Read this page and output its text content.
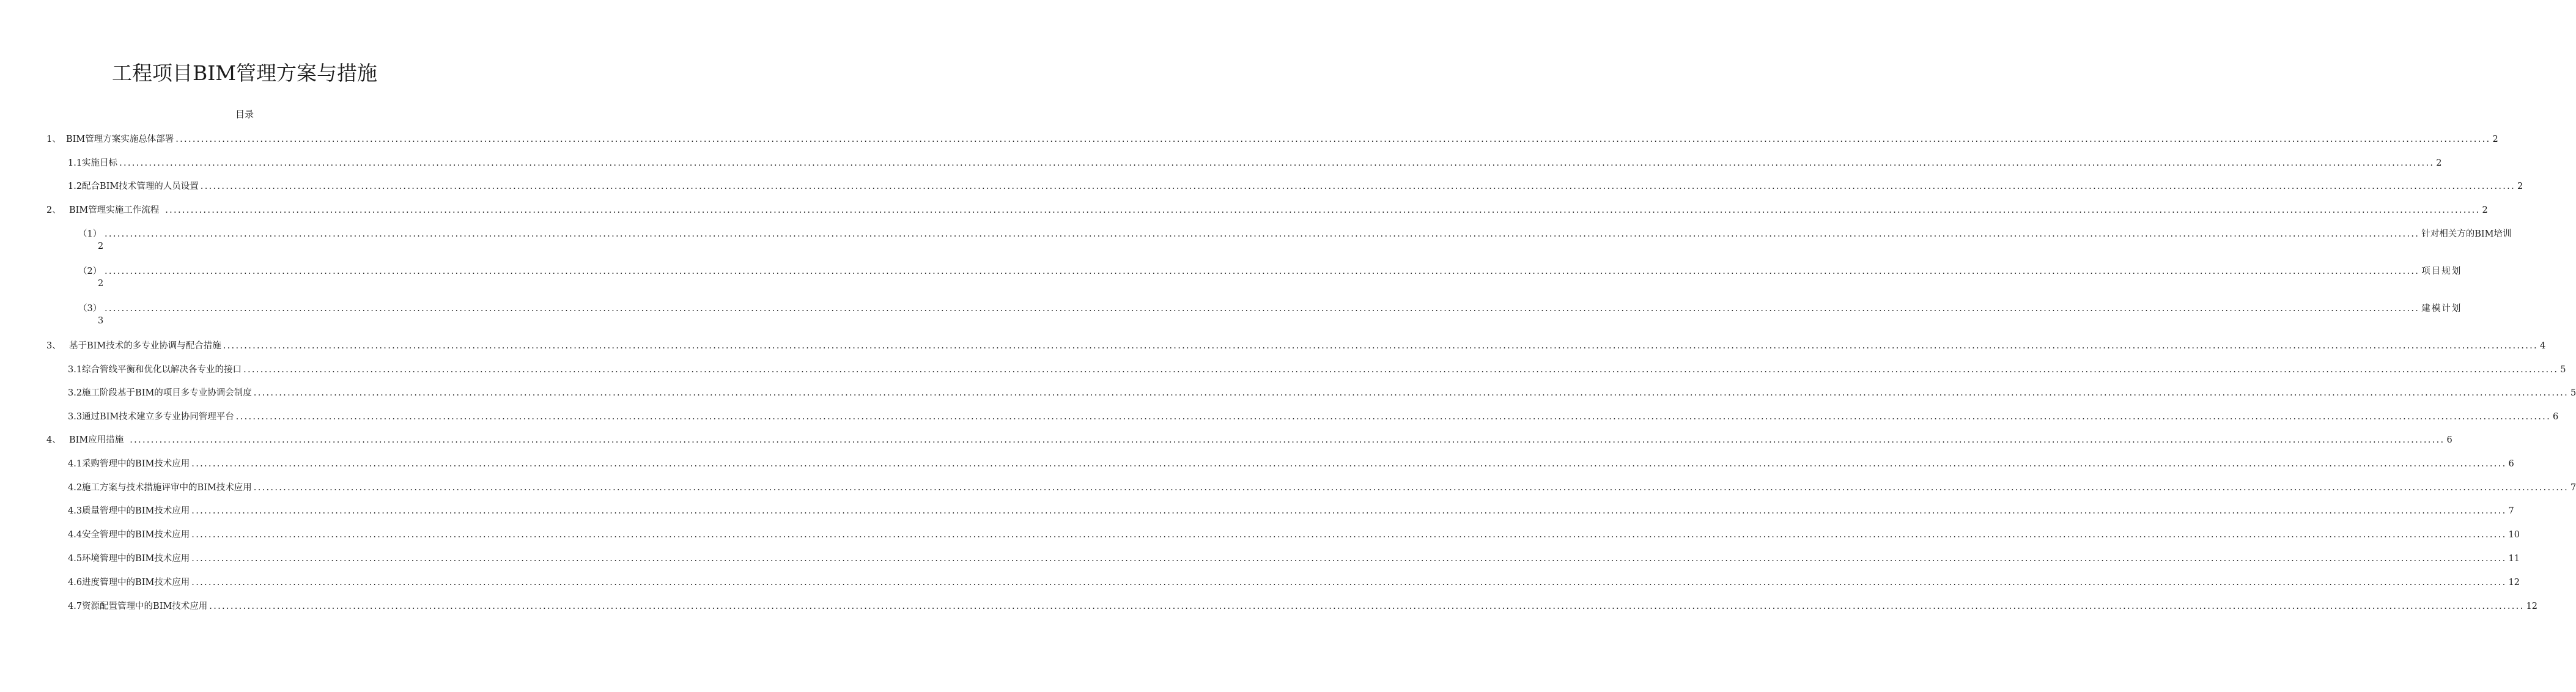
工程项目BIM管理方案与措施
目录
1、 BIM管理方案实施总体部署 .................................................................................................................................................................................................................................................................................................................................................................................................................................................................................................................................................................... 2
1.1实施目标 .................................................................................................................................................................................................................................................................................................................................................................................................................................................................................................................................................................... 2
1.2配合BIM技术管理的人员设置 .................................................................................................................................................................................................................................................................................................................................................................................................................................................................................................................................................................... 2
2、 BIM管理实施工作流程 .................................................................................................................................................................................................................................................................................................................................................................................................................................................................................................................................................................... 2
（1） .................................................................................................................................................................................................................................................................................................................................................................................................................................................................................................................................................................... 针对相关方的BIM培训
2
（2） .................................................................................................................................................................................................................................................................................................................................................................................................................................................................................................................................................................... 项目规划
2
（3） .................................................................................................................................................................................................................................................................................................................................................................................................................................................................................................................................................................... 建模计划
3
3、 基于BIM技术的多专业协调与配合措施 .................................................................................................................................................................................................................................................................................................................................................................................................................................................................................................................................................................... 4
3.1综合管线平衡和优化以解决各专业的接口 .................................................................................................................................................................................................................................................................................................................................................................................................................................................................................................................................................................... 5
3.2施工阶段基于BIM的项目多专业协调会制度 .................................................................................................................................................................................................................................................................................................................................................................................................................................................................................................................................................................... 5
3.3通过BIM技术建立多专业协同管理平台 .................................................................................................................................................................................................................................................................................................................................................................................................................................................................................................................................................................... 6
4、 BIM应用措施 .................................................................................................................................................................................................................................................................................................................................................................................................................................................................................................................................................................... 6
4.1采购管理中的BIM技术应用 .................................................................................................................................................................................................................................................................................................................................................................................................................................................................................................................................................................... 6
4.2施工方案与技术措施评审中的BIM技术应用 .................................................................................................................................................................................................................................................................................................................................................................................................................................................................................................................................................................... 7
4.3质量管理中的BIM技术应用 .................................................................................................................................................................................................................................................................................................................................................................................................................................................................................................................................................................... 7
4.4安全管理中的BIM技术应用 .................................................................................................................................................................................................................................................................................................................................................................................................................................................................................................................................................................... 10
4.5环境管理中的BIM技术应用 .................................................................................................................................................................................................................................................................................................................................................................................................................................................................................................................................................................... 11
4.6进度管理中的BIM技术应用 .................................................................................................................................................................................................................................................................................................................................................................................................................................................................................................................................................................... 12
4.7资源配置管理中的BIM技术应用 .................................................................................................................................................................................................................................................................................................................................................................................................................................................................................................................................................................... 12
